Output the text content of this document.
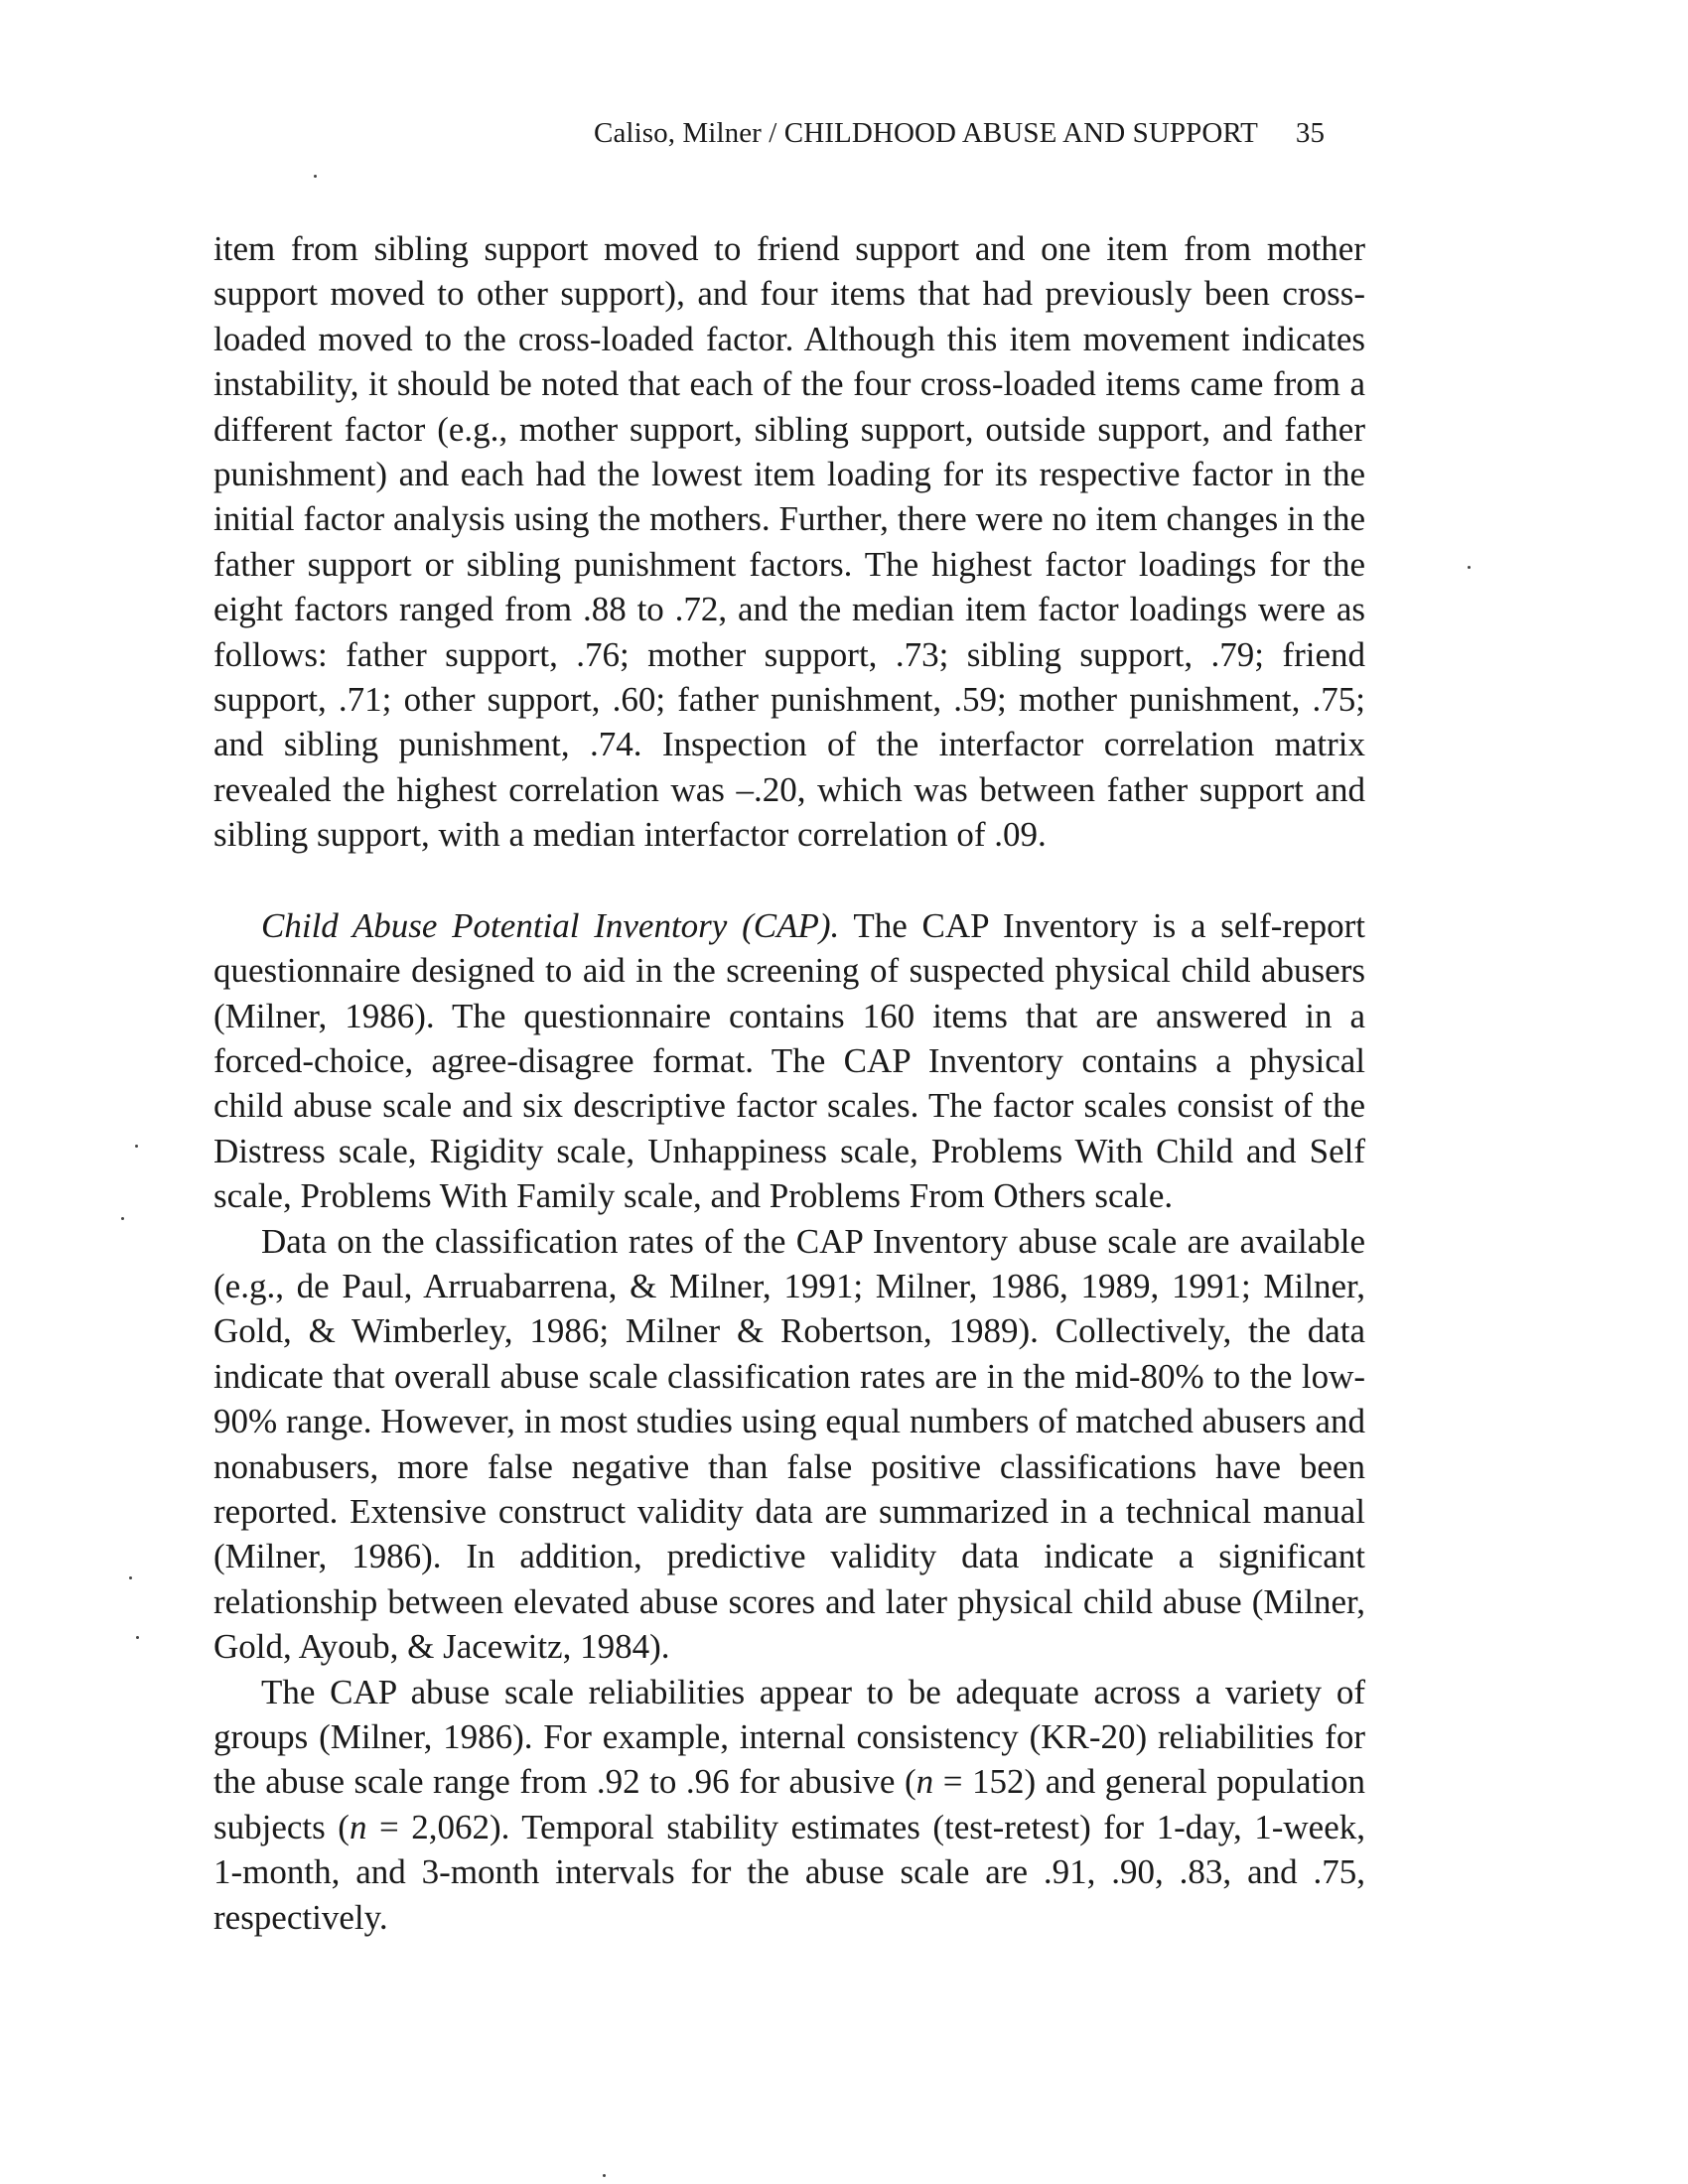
Caliso, Milner / CHILDHOOD ABUSE AND SUPPORT 35

item from sibling support moved to friend support and one item from mother support moved to other support), and four items that had previously been cross-loaded moved to the cross-loaded factor. Although this item movement indicates instability, it should be noted that each of the four cross-loaded items came from a different factor (e.g., mother support, sibling support, outside support, and father punishment) and each had the lowest item loading for its respective factor in the initial factor analysis using the mothers. Further, there were no item changes in the father support or sibling punishment factors. The highest factor loadings for the eight factors ranged from .88 to .72, and the median item factor loadings were as follows: father support, .76; mother support, .73; sibling support, .79; friend support, .71; other support, .60; father punishment, .59; mother punishment, .75; and sibling punishment, .74. Inspection of the interfactor correlation matrix revealed the highest correlation was –.20, which was between father support and sibling support, with a median interfactor correlation of .09.

Child Abuse Potential Inventory (CAP). The CAP Inventory is a self-report questionnaire designed to aid in the screening of suspected physical child abusers (Milner, 1986). The questionnaire contains 160 items that are answered in a forced-choice, agree-disagree format. The CAP Inventory contains a physical child abuse scale and six descriptive factor scales. The factor scales consist of the Distress scale, Rigidity scale, Unhappiness scale, Problems With Child and Self scale, Problems With Family scale, and Problems From Others scale.

Data on the classification rates of the CAP Inventory abuse scale are available (e.g., de Paul, Arruabarrena, & Milner, 1991; Milner, 1986, 1989, 1991; Milner, Gold, & Wimberley, 1986; Milner & Robertson, 1989). Collectively, the data indicate that overall abuse scale classification rates are in the mid-80% to the low-90% range. However, in most studies using equal numbers of matched abusers and nonabusers, more false negative than false positive classifications have been reported. Extensive construct validity data are summarized in a technical manual (Milner, 1986). In addition, predictive validity data indicate a significant relationship between elevated abuse scores and later physical child abuse (Milner, Gold, Ayoub, & Jacewitz, 1984).

The CAP abuse scale reliabilities appear to be adequate across a variety of groups (Milner, 1986). For example, internal consistency (KR-20) reliabilities for the abuse scale range from .92 to .96 for abusive (n = 152) and general population subjects (n = 2,062). Temporal stability estimates (test-retest) for 1-day, 1-week, 1-month, and 3-month intervals for the abuse scale are .91, .90, .83, and .75, respectively.
